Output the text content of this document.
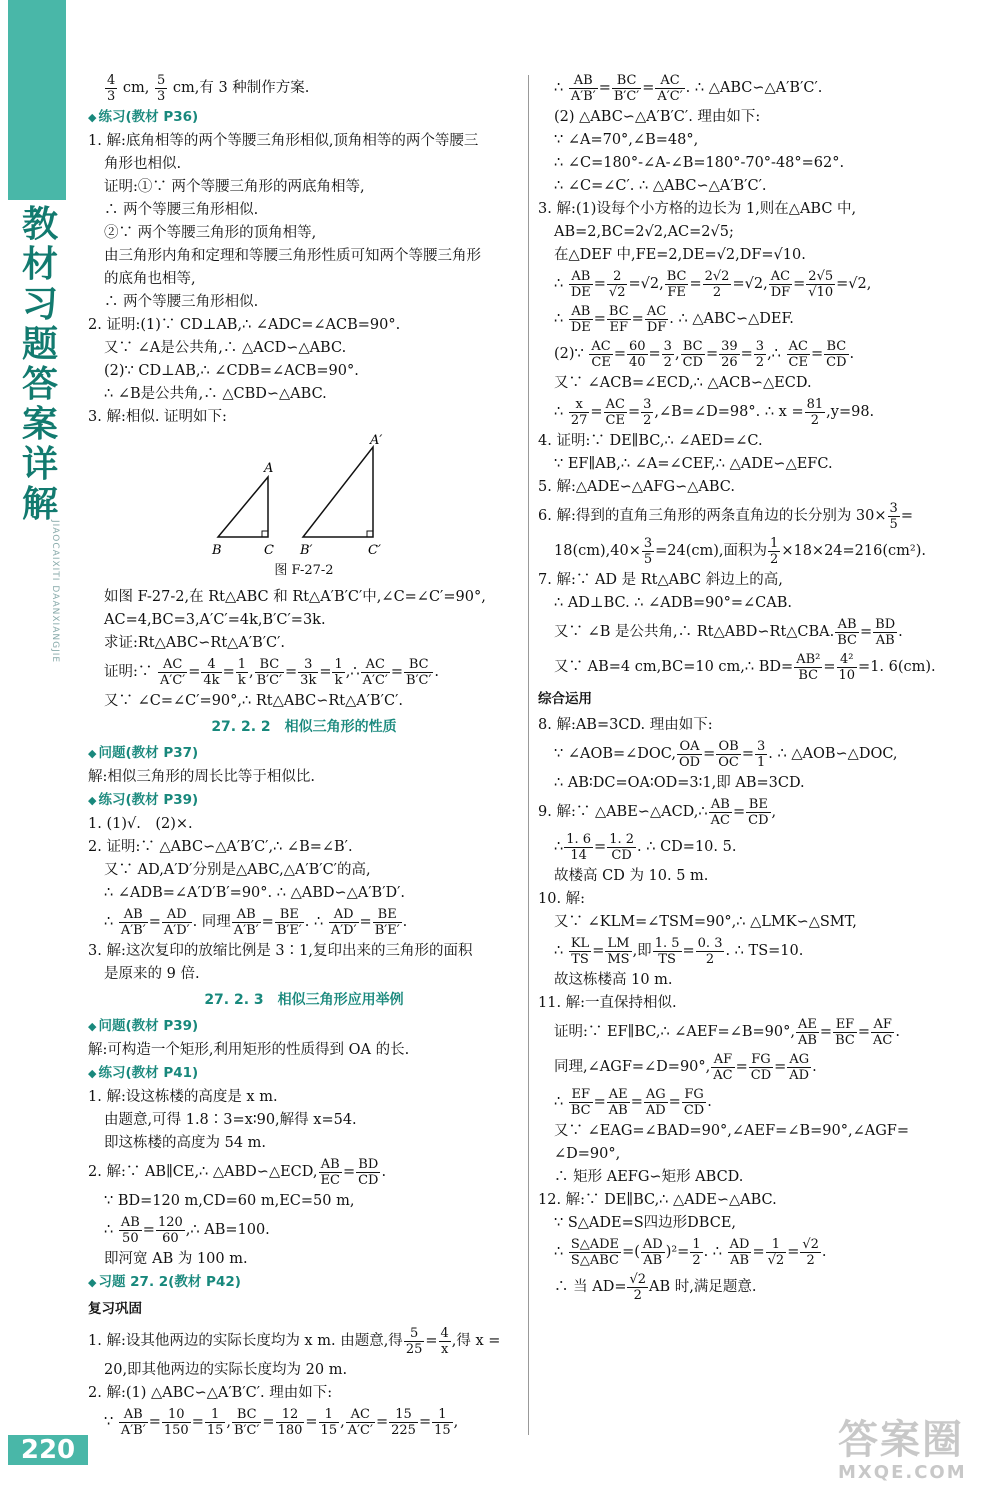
教
材
习
题
答
案
详
解
JIAOCAIXITI DAANXIANGJIE
220
$\frac{4}{3}$ cm, $\frac{5}{3}$ cm,有 3 种制作方案.
◆ 练习(教材 P36)
1. 解:底角相等的两个等腰三角形相似,顶角相等的两个等腰三
角形也相似.
证明:①∵ 两个等腰三角形的两底角相等,
∴ 两个等腰三角形相似.
②∵ 两个等腰三角形的顶角相等,
由三角形内角和定理和等腰三角形性质可知两个等腰三角形
的底角也相等,
∴ 两个等腰三角形相似.
2. 证明:(1)∵ CD⊥AB,∴ ∠ADC=∠ACB=90°.
又∵ ∠A是公共角,∴ △ACD∽△ABC.
(2)∵ CD⊥AB,∴ ∠CDB=∠ACB=90°.
∴ ∠B是公共角,∴ △CBD∽△ABC.
3. 解:相似. 证明如下:
A
B	C
A′
B′	C′
图 F-27-2
如图 F-27-2,在 Rt△ABC 和 Rt△A′B′C′中,∠C=∠C′=90°,
AC=4,BC=3,A′C′=4k,B′C′=3k.
求证:Rt△ABC∽Rt△A′B′C′.
证明:∵ $\frac{AC}{A'C'} = \frac{4}{4k} = \frac{1}{k}$ , $\frac{BC}{B'C'} = \frac{3}{3k} = \frac{1}{k}$ ,∴ $\frac{AC}{A'C'} = \frac{BC}{B'C'}$ .
又∵ ∠C=∠C′=90°,∴ Rt△ABC∽Rt△A′B′C′.
27. 2. 2　相似三角形的性质
◆ 问题(教材 P37)
解:相似三角形的周长比等于相似比.
◆ 练习(教材 P39)
1. (1)√.　(2)×.
2. 证明:∵ △ABC∽△A′B′C′,∴ ∠B=∠B′.
又∵ AD,A′D′分别是△ABC,△A′B′C′的高,
∴ ∠ADB=∠A′D′B′=90°. ∴ △ABD∽△A′B′D′.
∴ $\frac{AB}{A'B'} = \frac{AD}{A'D'}$ . 同理 $\frac{AB}{A'B'} = \frac{BE}{B'E'}$ . ∴ $\frac{AD}{A'D'} = \frac{BE}{B'E'}$ .
3. 解:这次复印的放缩比例是 3∶1,复印出来的三角形的面积
是原来的 9 倍.
27. 2. 3　相似三角形应用举例
◆ 问题(教材 P39)
解:可构造一个矩形,利用矩形的性质得到 OA 的长.
◆ 练习(教材 P41)
1. 解:设这栋楼的高度是 x m.
由题意,可得 1.8∶3=x∶90,解得 x=54.
即这栋楼的高度为 54 m.
2. 解:∵ AB∥CE,∴ △ABD∽△ECD, $\frac{AB}{EC} = \frac{BD}{CD}$ .
∵ BD=120 m,CD=60 m,EC=50 m,
∴ $\frac{AB}{50} = \frac{120}{60}$ ,∴ AB=100.
即河宽 AB 为 100 m.
◆ 习题 27. 2(教材 P42)
复习巩固
1. 解:设其他两边的实际长度均为 x m. 由题意,得 $\frac{5}{25} = \frac{4}{x}$ ,得 x =
20,即其他两边的实际长度均为 20 m.
2. 解:(1) △ABC∽△A′B′C′. 理由如下:
∵ $\frac{AB}{A'B'} = \frac{10}{150} = \frac{1}{15}$ , $\frac{BC}{B'C'} = \frac{12}{180} = \frac{1}{15}$ , $\frac{AC}{A'C'} = \frac{15}{225} = \frac{1}{15}$ ,
∴ $\frac{AB}{A'B'} = \frac{BC}{B'C'} = \frac{AC}{A'C'}$ . ∴ △ABC∽△A′B′C′.
(2) △ABC∽△A′B′C′. 理由如下:
∵ ∠A=70°,∠B=48°,
∴ ∠C=180°-∠A-∠B=180°-70°-48°=62°.
∴ ∠C=∠C′. ∴ △ABC∽△A′B′C′.
3. 解:(1)设每个小方格的边长为 1,则在△ABC 中,
AB=2,BC=2√2,AC=2√5;
在△DEF 中,FE=2,DE=√2,DF=√10.
∴ $\frac{AB}{DE} = \frac{2}{√2} =√2$, $\frac{BC}{FE} = \frac{2√2}{2} =√2$, $\frac{AC}{DF} = \frac{2√5}{√10} =√2$,
∴ $\frac{AB}{DE} = \frac{BC}{EF} = \frac{AC}{DF}$ . ∴ △ABC∽△DEF.
(2)∵ $\frac{AC}{CE} = \frac{60}{40} = \frac{3}{2}$ , $\frac{BC}{CD} = \frac{39}{26} = \frac{3}{2}$ ,∴ $\frac{AC}{CE} = \frac{BC}{CD}$ .
又∵ ∠ACB=∠ECD,∴ △ACB∽△ECD.
∴ $\frac{x}{27} = \frac{AC}{CE} = \frac{3}{2}$ ,∠B=∠D=98°. ∴ $x = \frac{81}{2} ,y=98$.
4. 证明:∵ DE∥BC,∴ ∠AED=∠C.
∵ EF∥AB,∴ ∠A=∠CEF,∴ △ADE∽△EFC.
5. 解:△ADE∽△AFG∽△ABC.
6. 解:得到的直角三角形的两条直角边的长分别为 $30\times \frac{3}{5}$ =
$18(cm),40\times \frac{3}{5} =24(cm)$,面积为 $\frac{1}{2} \times 18\times 24=216(cm^2)$.
7. 解:∵ AD 是 Rt△ABC 斜边上的高,
∴ AD⊥BC. ∴ ∠ADB=90°=∠CAB.
又∵ ∠B 是公共角,∴ Rt△ABD∽Rt△CBA. $\frac{AB}{BC} = \frac{BD}{AB}$ .
又∵ AB=4 cm,BC=10 cm,∴ $BD= \frac{\text{AB²}}{BC} = \frac{\text{4²}}{10} =1$. 6(cm).
综合运用
8. 解:AB=3CD. 理由如下:
∵ ∠AOB=∠DOC, $\frac{OA}{OD} = \frac{OB}{OC} = \frac{3}{1}$ . ∴ △AOB∽△DOC,
∴ AB∶DC=OA∶OD=3∶1,即 AB=3CD.
9. 解:∵ △ABE∽△ACD,∴ $\frac{AB}{AC} = \frac{BE}{CD}$ ,
∴ $\frac{1. 6}{14} = \frac{1. 2}{CD}$ . ∴ CD=10. 5.
故楼高 CD 为 10. 5 m.
10. 解:
又∵ ∠KLM=∠TSM=90°,∴ △LMK∽△SMT,
∴ $\frac{KL}{TS} = \frac{LM}{MS}$ ,即 $\frac{1. 5}{TS} = \frac{0. 3}{2}$ . ∴ TS=10.
故这栋楼高 10 m.
11. 解:一直保持相似.
证明:∵ EF∥BC,∴ ∠AEF=∠B=90°, $\frac{AE}{AB} = \frac{EF}{BC} = \frac{AF}{AC}$ .
同理,∠AGF=∠D=90°, $\frac{AF}{AC} = \frac{FG}{CD} = \frac{AG}{AD}$ .
∴ $\frac{EF}{BC} = \frac{AE}{AB} = \frac{AG}{AD} = \frac{FG}{CD}$ .
又∵ ∠EAG=∠BAD=90°,∠AEF=∠B=90°,∠AGF=
∠D=90°,
∴ 矩形 AEFG∽矩形 ABCD.
12. 解:∵ DE∥BC,∴ △ADE∽△ABC.
∵ S△ADE=S四边形DBCE,
∴ $\frac{\text{S△ADE}}{\text{S△ABC}}$ =( $\frac{AD}{AB} )^2= \frac{1}{2}$ . ∴ $\frac{AD}{AB} = \frac{1}{√2} = \frac{√2}{2}$ .
∴ 当 $AD= \frac{√2}{2}$ AB 时,满足题意.
答案圈
MXQE.COM
